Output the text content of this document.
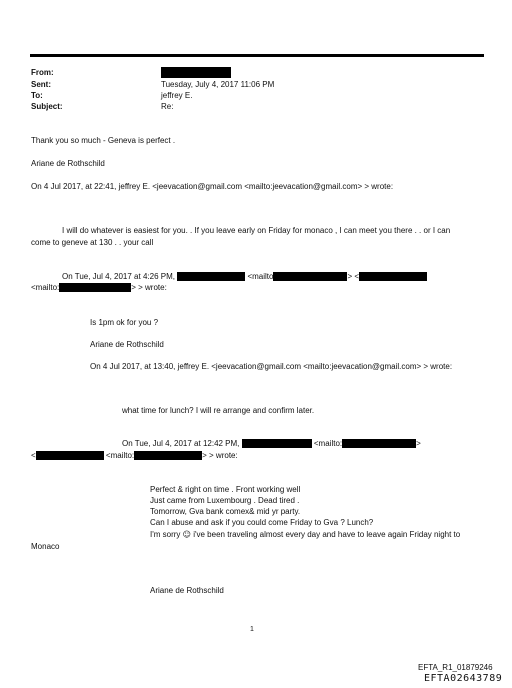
From:
Sent:	Tuesday, July 4, 2017 11:06 PM
To:	jeffrey E.
Subject:	Re:
Thank you so much - Geneva is perfect .
Ariane de Rothschild
On 4 Jul 2017, at 22:41, jeffrey E. <jeevacation@gmail.com <mailto:jeevacation@gmail.com> > wrote:
I will do whatever is easiest for you. . If you leave early on Friday for monaco , I can meet you there . . or I can
come to geneve at 130 . . your call
On Tue, Jul 4, 2017 at 4:26 PM,	<mailto	> <
<mailto:	> > wrote:
Is 1pm ok for you ?
Ariane de Rothschild
On 4 Jul 2017, at 13:40, jeffrey E. <jeevacation@gmail.com <mailto:jeevacation@gmail.com> > wrote:
what time for lunch? I will re arrange and confirm later.
On Tue, Jul 4, 2017 at 12:42 PM,	<mailto:	>
<	<mailto:	> > wrote:
Perfect & right on time . Front working well
Just came from Luxembourg . Dead tired .
Tomorrow, Gva bank comex& mid yr party.
Can I abuse and ask if you could come Friday to Gva ? Lunch?
I'm sorry ☺ i've been traveling almost every day and have to leave again Friday night to
Monaco
Ariane de Rothschild
1
EFTA_R1_01879246
EFTA02643789
